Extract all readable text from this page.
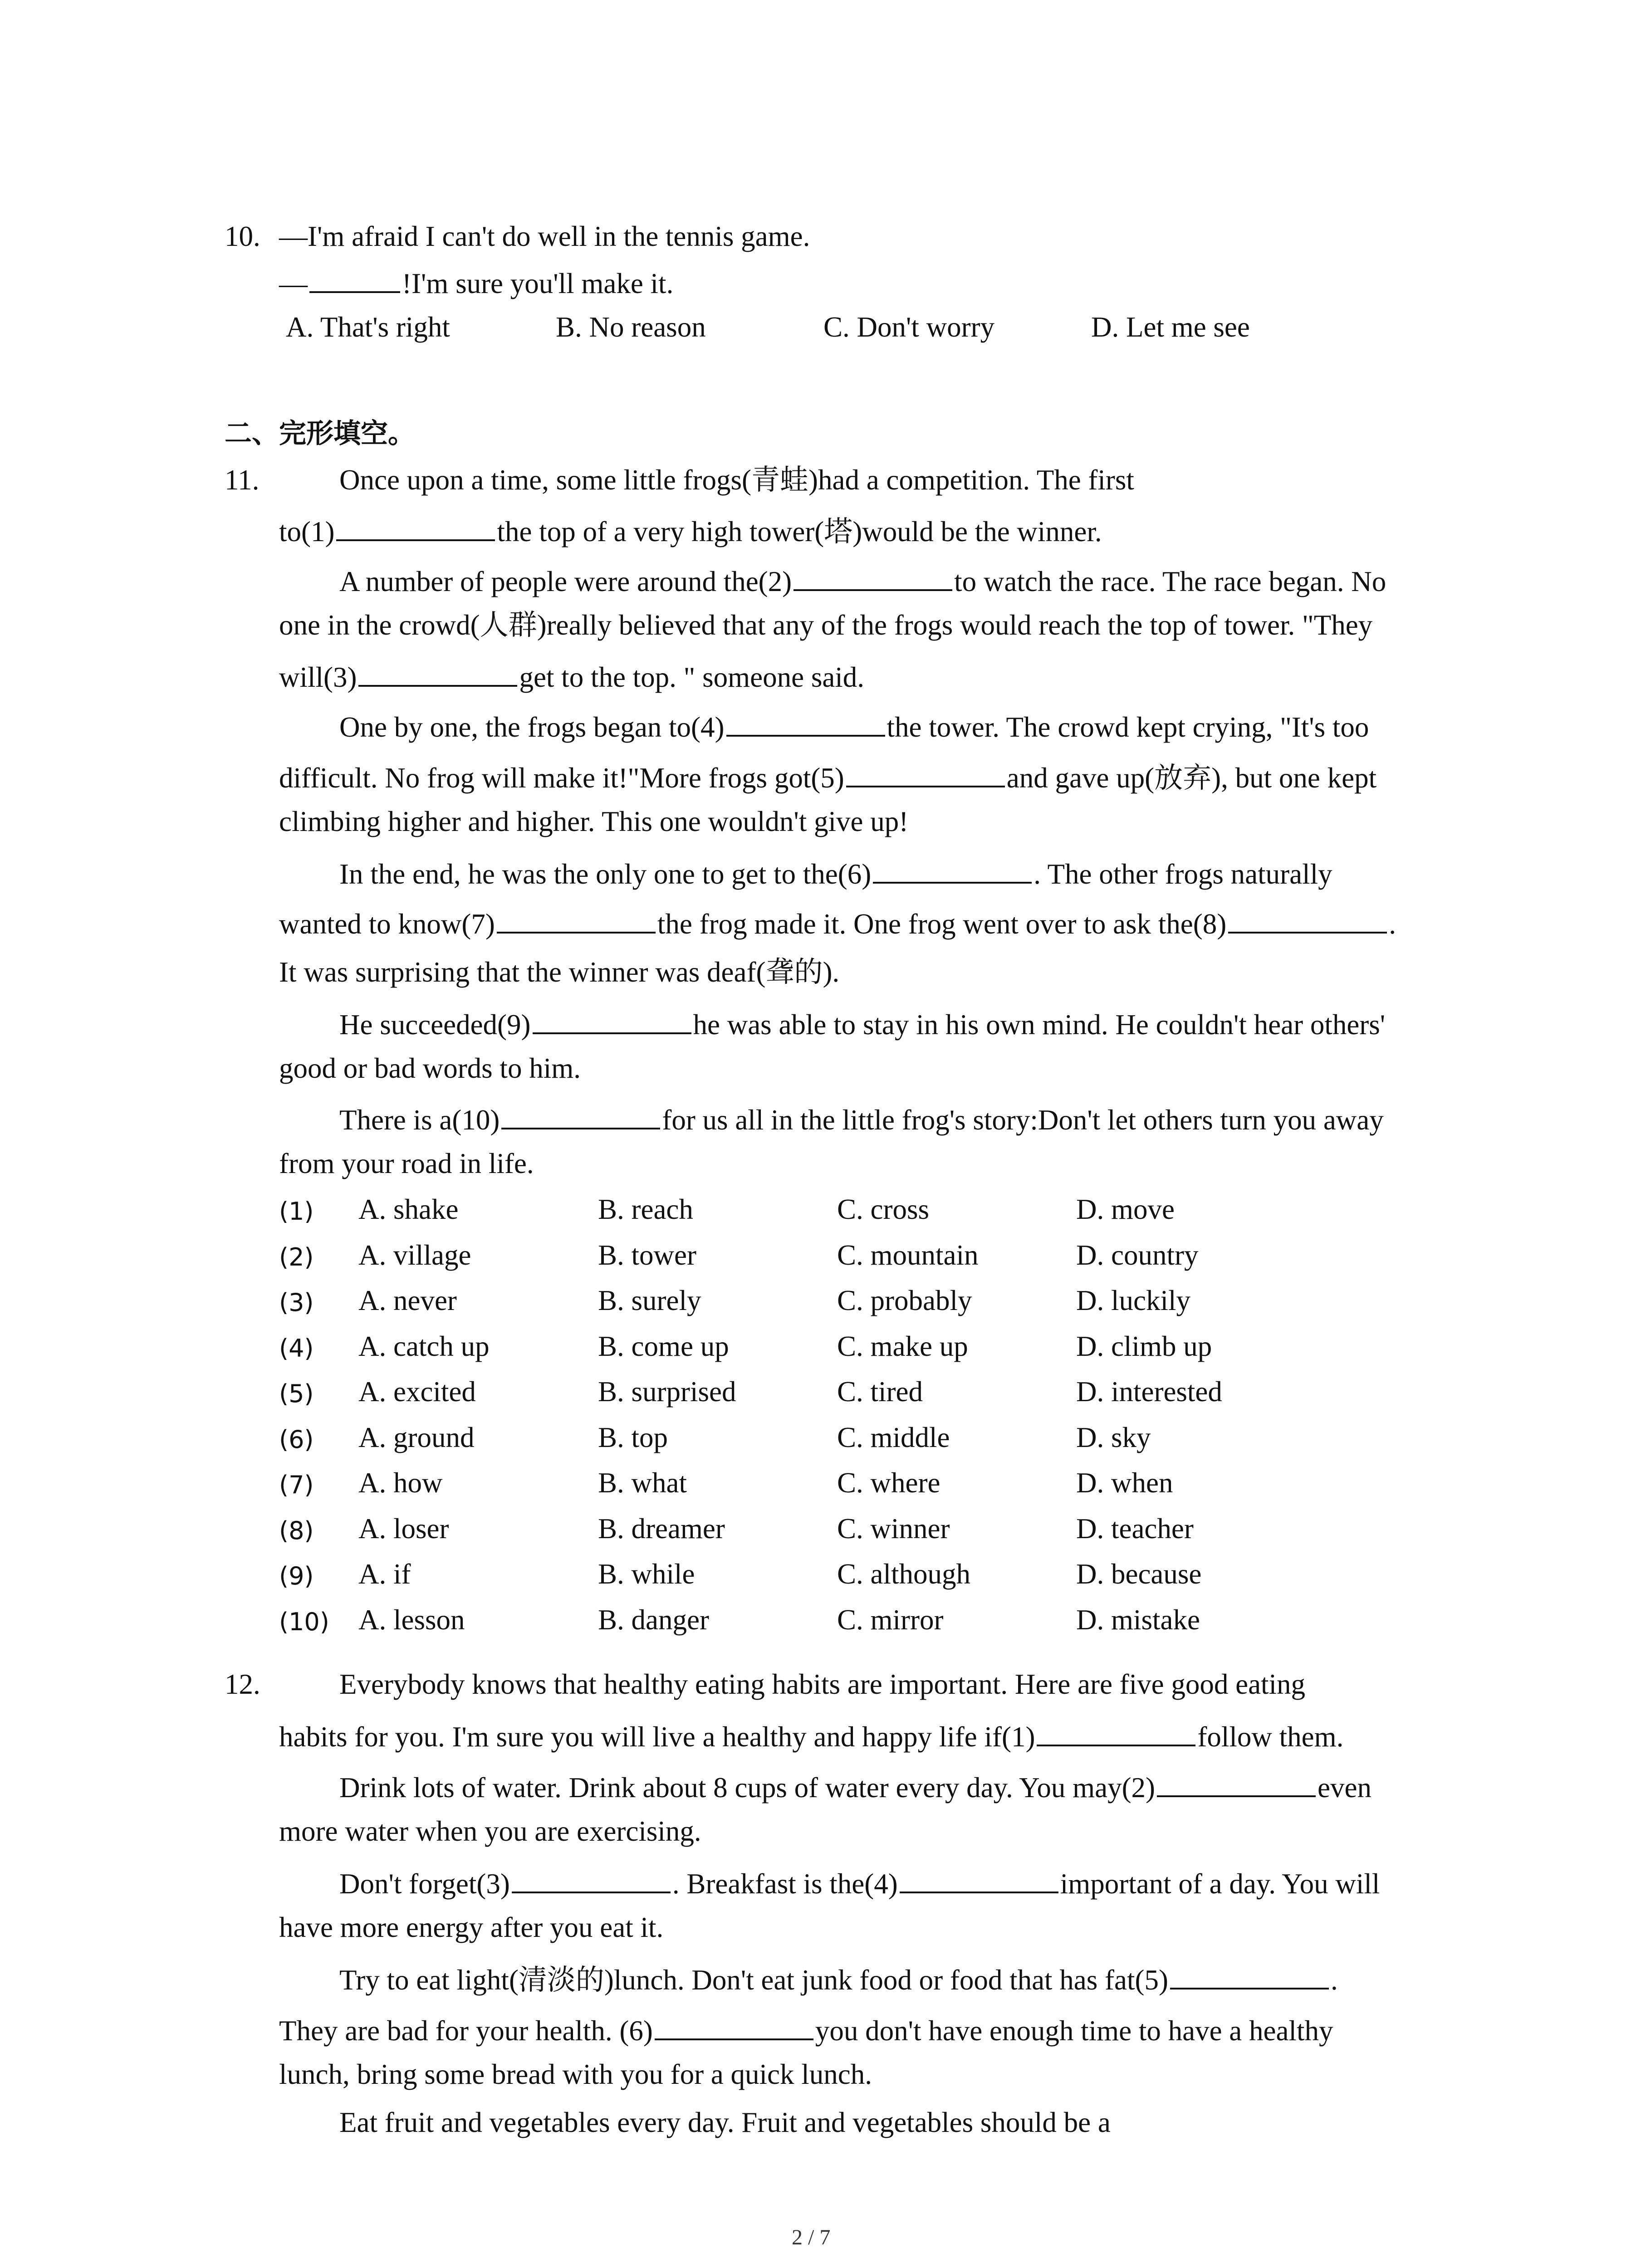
10. —I'm afraid I can't do well in the tennis game.
—	!I'm sure you'll make it.
A. That's right	B. No reason	C. Don't worry	D. Let me see
二、完形填空。
11.	Once upon a time, some little frogs(青蛙)had a competition. The first
to(1)	the top of a very high tower(塔)would be the winner.
A number of people were around the(2)	to watch the race. The race began. No
one in the crowd(人群)really believed that any of the frogs would reach the top of tower. "They
will(3)	get to the top. " someone said.
One by one, the frogs began to(4)	the tower. The crowd kept crying, "It's too
difficult. No frog will make it!"More frogs got(5)	and gave up(放弃), but one kept
climbing higher and higher. This one wouldn't give up!
In the end, he was the only one to get to the(6)	. The other frogs naturally
wanted to know(7)	the frog made it. One frog went over to ask the(8)	.
It was surprising that the winner was deaf(聋的).
He succeeded(9)	he was able to stay in his own mind. He couldn't hear others'
good or bad words to him.
There is a(10)	for us all in the little frog's story:Don't let others turn you away
from your road in life.
(1) A. shake	B. reach	C. cross	D. move
(2) A. village	B. tower	C. mountain	D. country
(3) A. never	B. surely	C. probably	D. luckily
(4) A. catch up	B. come up	C. make up	D. climb up
(5) A. excited	B. surprised	C. tired	D. interested
(6) A. ground	B. top	C. middle	D. sky
(7) A. how	B. what	C. where	D. when
(8) A. loser	B. dreamer	C. winner	D. teacher
(9) A. if	B. while	C. although	D. because
(10) A. lesson	B. danger	C. mirror	D. mistake
12.	Everybody knows that healthy eating habits are important. Here are five good eating
habits for you. I'm sure you will live a healthy and happy life if(1)	follow them.
Drink lots of water. Drink about 8 cups of water every day. You may(2)	even
more water when you are exercising.
Don't forget(3)	. Breakfast is the(4)	important of a day. You will
have more energy after you eat it.
Try to eat light(清淡的)lunch. Don't eat junk food or food that has fat(5)	.
They are bad for your health. (6)	you don't have enough time to have a healthy
lunch, bring some bread with you for a quick lunch.
Eat fruit and vegetables every day. Fruit and vegetables should be a
2 / 7
